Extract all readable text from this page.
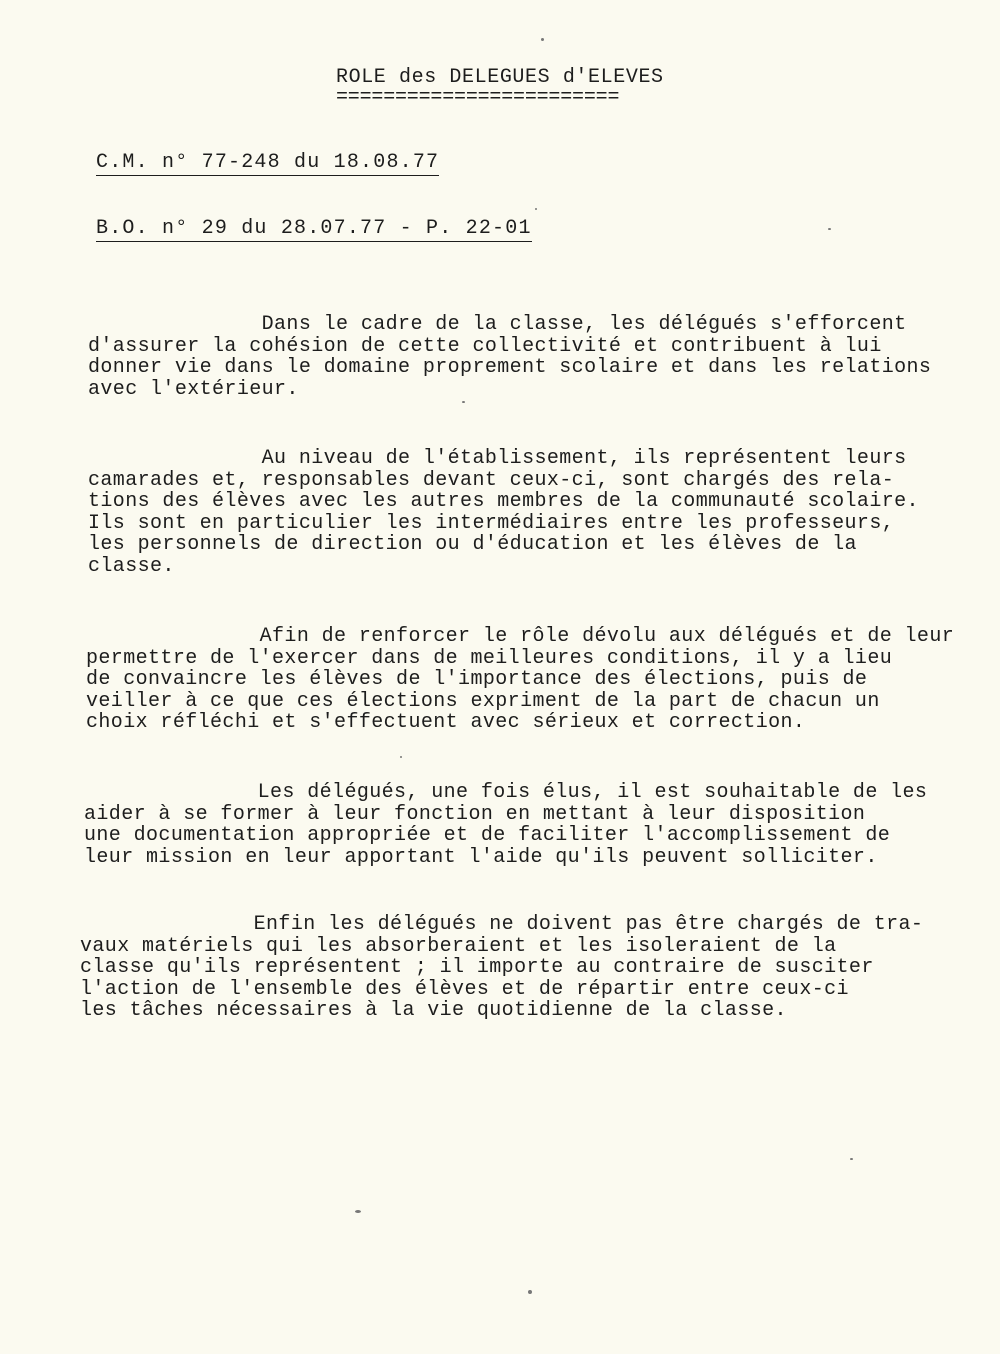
ROLE des DELEGUES d'ELEVES
========================
C.M. n° 77-248 du 18.08.77
B.O. n° 29 du 28.07.77 - P. 22-01
Dans le cadre de la classe, les délégués s'efforcent
d'assurer la cohésion de cette collectivité et contribuent à lui
donner vie dans le domaine proprement scolaire et dans les relations
avec l'extérieur.
Au niveau de l'établissement, ils représentent leurs
camarades et, responsables devant ceux-ci, sont chargés des rela-
tions des élèves avec les autres membres de la communauté scolaire.
Ils sont en particulier les intermédiaires entre les professeurs,
les personnels de direction ou d'éducation et les élèves de la
classe.
Afin de renforcer le rôle dévolu aux délégués et de leur
permettre de l'exercer dans de meilleures conditions, il y a lieu
de convaincre les élèves de l'importance des élections, puis de
veiller à ce que ces élections expriment de la part de chacun un
choix réfléchi et s'effectuent avec sérieux et correction.
Les délégués, une fois élus, il est souhaitable de les
aider à se former à leur fonction en mettant à leur disposition
une documentation appropriée et de faciliter l'accomplissement de
leur mission en leur apportant l'aide qu'ils peuvent solliciter.
Enfin les délégués ne doivent pas être chargés de tra-
vaux matériels qui les absorberaient et les isoleraient de la
classe qu'ils représentent ; il importe au contraire de susciter
l'action de l'ensemble des élèves et de répartir entre ceux-ci
les tâches nécessaires à la vie quotidienne de la classe.
